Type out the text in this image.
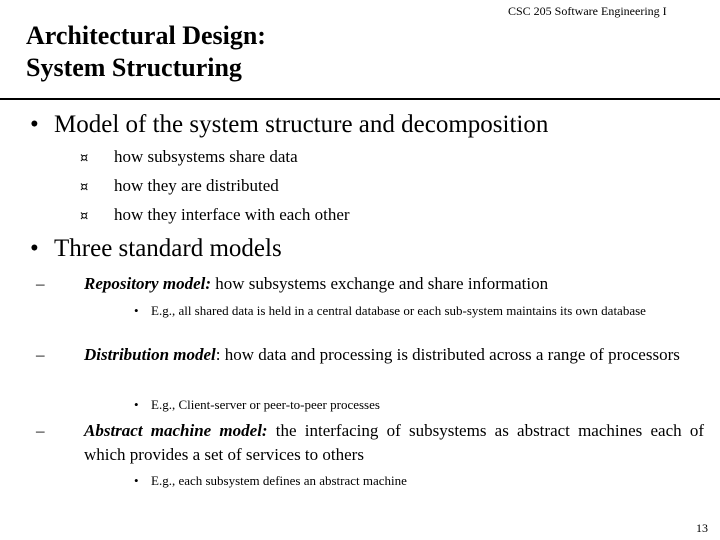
CSC 205 Software Engineering I
Architectural Design:
System Structuring
• Model of the system structure and decomposition
¤ how subsystems share data
¤ how they are distributed
¤ how they interface with each other
• Three standard models
– Repository model: how subsystems exchange and share information
• E.g., all shared data is held in a central database or each sub-system maintains its own database
– Distribution model: how data and processing is distributed across a range of processors
• E.g., Client-server or peer-to-peer processes
– Abstract machine model: the interfacing of subsystems as abstract machines each of which provides a set of services to others
• E.g., each subsystem defines an abstract machine
13
